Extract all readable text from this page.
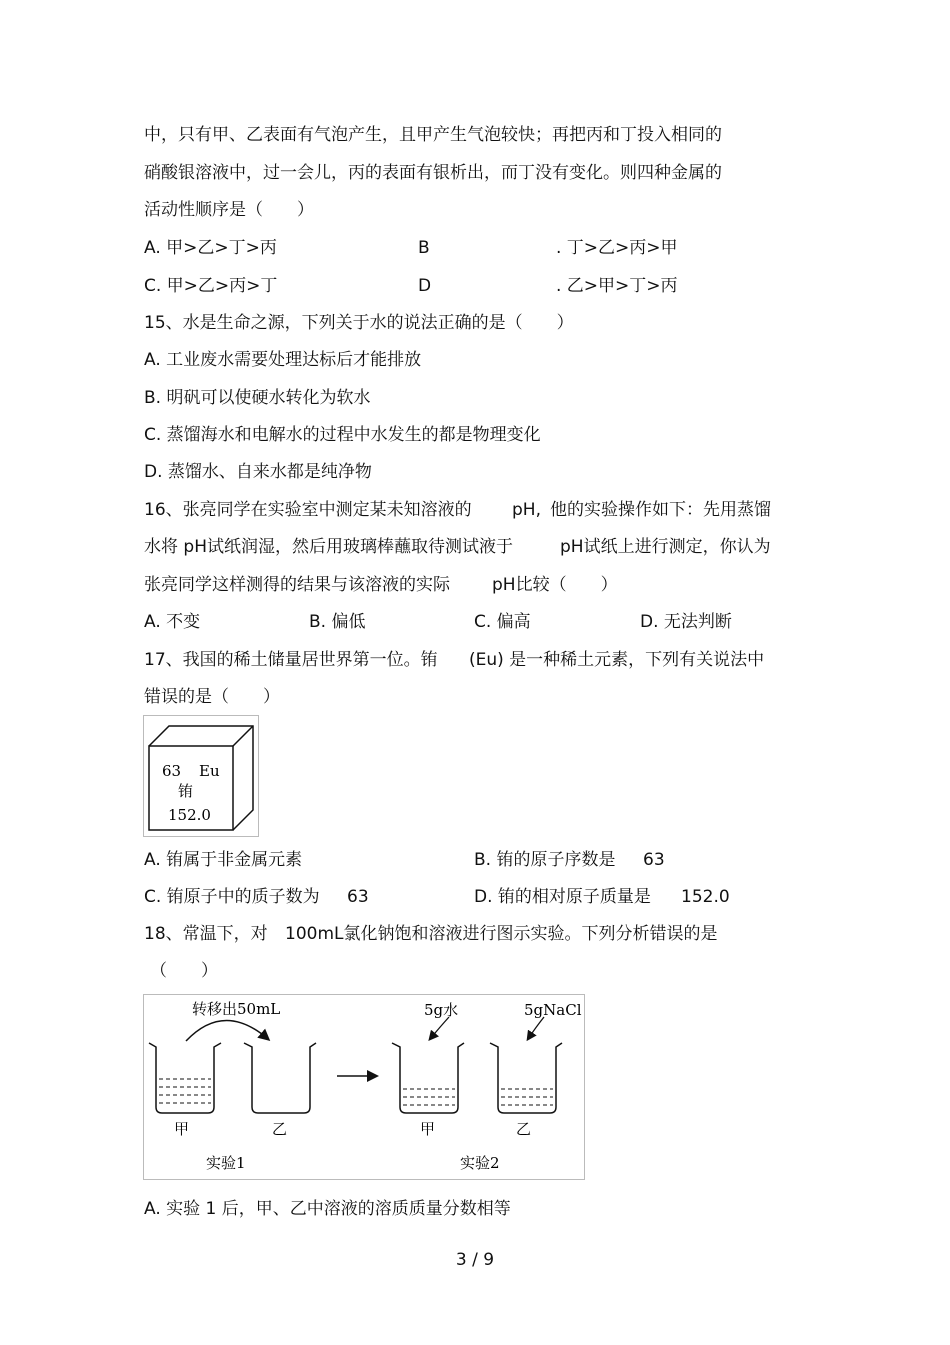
中，只有甲、乙表面有气泡产生，且甲产生气泡较快；再把丙和丁投入相同的
硝酸银溶液中，过一会儿，丙的表面有银析出，而丁没有变化。则四种金属的
活动性顺序是（　　）
A. 甲>乙>丁>丙	B	. 丁>乙>丙>甲
C. 甲>乙>丙>丁	D	. 乙>甲>丁>丙
15、水是生命之源，下列关于水的说法正确的是（　　）
A. 工业废水需要处理达标后才能排放
B. 明矾可以使硬水转化为软水
C. 蒸馏海水和电解水的过程中水发生的都是物理变化
D. 蒸馏水、自来水都是纯净物
16、张亮同学在实验室中测定某未知溶液的 pH, 他的实验操作如下：先用蒸馏
水将 pH试纸润湿，然后用玻璃棒蘸取待测试液于	pH试纸上进行测定，你认为
张亮同学这样测得的结果与该溶液的实际 pH比较（　　）
A. 不变	B. 偏低	C. 偏高	D. 无法判断
17、我国的稀土储量居世界第一位。铕 (Eu) 是一种稀土元素，下列有关说法中
错误的是（　　）
63 Eu
铕
152.0
A. 铕属于非金属元素	B. 铕的原子序数是 63
C. 铕原子中的质子数为 63	D. 铕的相对原子质量是 152.0
18、常温下，对 100mL氯化钠饱和溶液进行图示实验。下列分析错误的是
（　　）
转移出50mL
甲	乙
实验1
5g水	5gNaCl
甲	乙
实验2
A. 实验 1 后，甲、乙中溶液的溶质质量分数相等
3 / 9
